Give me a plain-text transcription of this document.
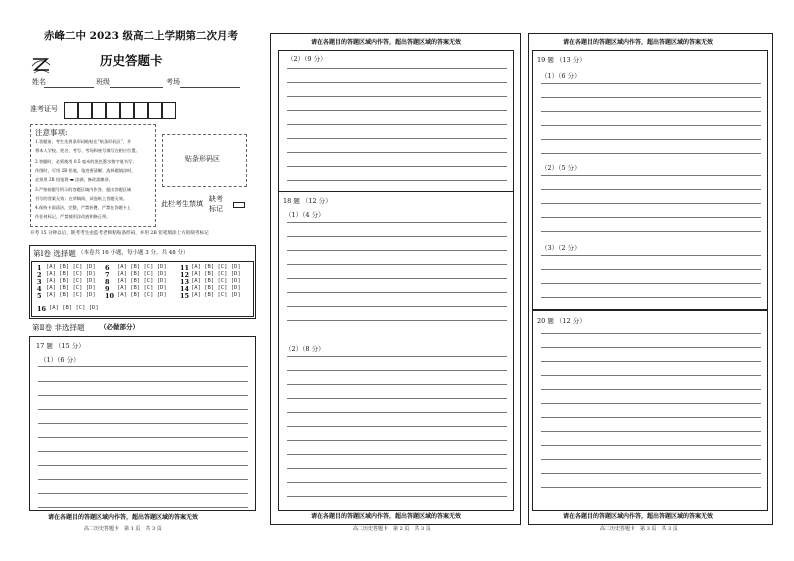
赤峰二中 2023 级高二上学期第二次月考
历史答题卡
姓名	班级	考场
准考证号
注意事项:
1.答题前，考生先将条形码粘贴在“贴条形码区”，并
将本人学校、姓名、考号、考场和座号填写在相应位置。
2.答题时，必须使用 0.5 毫米的黑色墨水签字笔书写；
作图时，可用 2B 铅笔，笔迹要清晰；选择题填涂时，
必须用 2B 铅笔将 ▬ 涂满，修改需擦净。
3.严格按题号所示的答题区域内作答，超出答题区域
书写的答案无效；在草稿纸、试卷纸上答题无效。
4.保持卡面清洁，完整，严禁折叠，严禁在答题卡上
作任何标记，严禁使用涂改液和修正带。
贴条形码区
此栏考生禁填
缺考
标记
开考 15 分钟以后，缺考考生由监考老师粘贴条形码，并用 2B 铅笔填涂上方的缺考标记
第Ⅰ卷 选择题 （本卷共 16 小题，每小题 3 分，共 48 分）
1 [A] [B] [C] [D]
2 [A] [B] [C] [D]
3 [A] [B] [C] [D]
4 [A] [B] [C] [D]
5 [A] [B] [C] [D]
6 [A] [B] [C] [D]
7 [A] [B] [C] [D]
8 [A] [B] [C] [D]
9 [A] [B] [C] [D]
10 [A] [B] [C] [D]
11 [A] [B] [C] [D]
12 [A] [B] [C] [D]
13 [A] [B] [C] [D]
14 [A] [B] [C] [D]
15 [A] [B] [C] [D]
16 [A] [B] [C] [D]
第Ⅱ卷 非选择题 （必做部分）
17 题 （15 分）
（1）（6 分）
请在各题目的答题区域内作答，超出答题区域的答案无效
高二历史答题卡　第 1 页　共 3 页
请在各题目的答题区域内作答，超出答题区域的答案无效
（2）（9 分）
18 题 （12 分）
（1）（4 分）
（2）（8 分）
请在各题目的答题区域内作答，超出答题区域的答案无效
高二历史答题卡　第 2 页　共 3 页
请在各题目的答题区域内作答，超出答题区域的答案无效
19 题 （13 分）
（1）（6 分）
（2）（5 分）
（3）（2 分）
20 题 （12 分）
请在各题目的答题区域内作答，超出答题区域的答案无效
高二历史答题卡　第 3 页　共 3 页
